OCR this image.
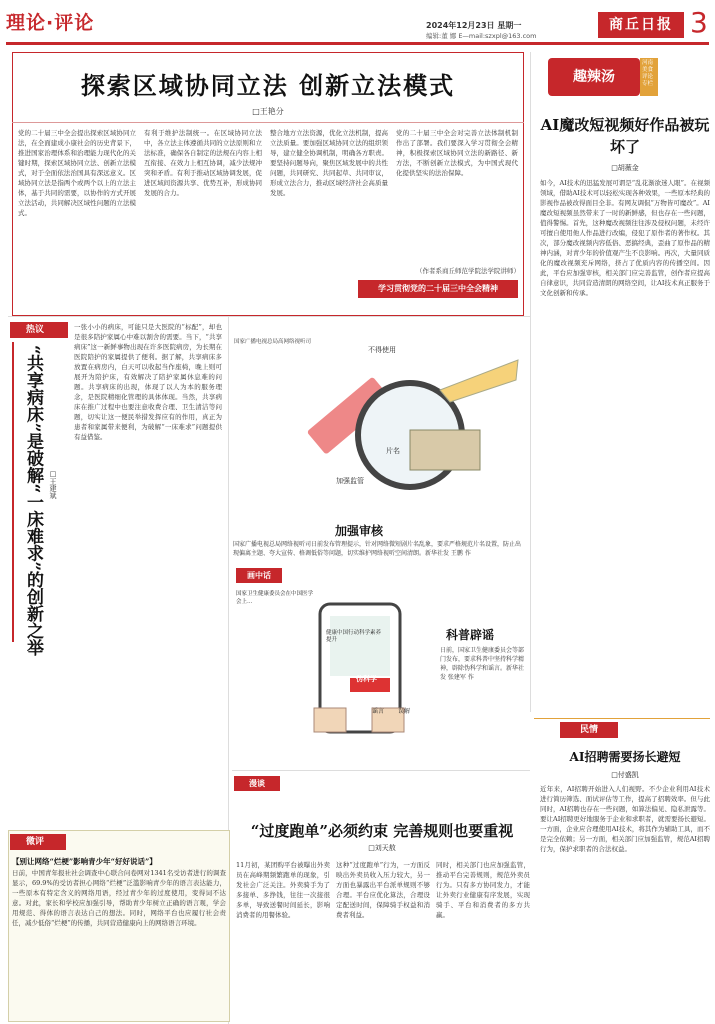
理论·评论	2024年12月23日 星期一
编辑:董 娜 E—mail:szxpl@163.com
商丘日报 3
探索区域协同立法 创新立法模式
□王艳分
党的二十届三中全会提出探索区域协同立法，在全面建成小康社会的历史背景下，推进国家治理体系和治理能力现代化的关键时期，探索区域协同立法、创新立法模式，对于全面依法治国具有深远意义。区域协同立法是指两个或两个以上的立法主体，基于共同的需要，以协作的方式开展立法活动，共同解决区域性问题的立法模式。
有利于维护法制统一。在区域协同立法中，各立法主体遵循共同的立法原则和立法标准，确保各自制定的法规在内容上相互衔接、在效力上相互协调，减少法规冲突和矛盾。有利于推动区域协调发展，促进区域间资源共享、优势互补，形成协同发展的合力。
整合地方立法资源，优化立法机制，提高立法质量。要加强区域协同立法的组织领导，建立健全协调机制，明确各方职责。要坚持问题导向，聚焦区域发展中的共性问题，共同研究、共同起草、共同审议，形成立法合力，推动区域经济社会高质量发展。
党的二十届三中全会对完善立法体制机制作出了部署。我们要深入学习贯彻全会精神，积极探索区域协同立法的新路径、新方法，不断创新立法模式，为中国式现代化提供坚实的法治保障。
（作者系商丘师范学院法学院讲师）
学习贯彻党的二十届三中全会精神
趣辣汤
河南美食评论专栏
AI魔改短视频好作品被玩坏了
□胡薇金
如今，AI技术的迅猛发展可谓是“乱花渐欲迷人眼”。在视频领域，借助AI技术可以轻松实现各种效果，一些原本经典的影视作品被改得面目全非。有网友调侃“万物皆可魔改”。AI魔改短视频虽然带来了一时的新鲜感，但也存在一些问题，值得警惕。首先，这种魔改视频往往涉及侵权问题，未经许可擅自使用他人作品进行改编，侵犯了原作者的著作权。其次，部分魔改视频内容低俗、恶搞经典，歪曲了原作品的精神内涵，对青少年的价值观产生不良影响。再次，大量同质化的魔改视频充斥网络，挤占了优质内容的传播空间。因此，平台应加强审核，相关部门应完善监管，创作者应提高自律意识，共同营造清朗的网络空间，让AI技术真正服务于文化创新和传承。
民情
AI招聘需要扬长避短
□付盛凯
近年来，AI招聘开始进入人们视野。不少企业利用AI技术进行简历筛选、面试评估等工作，提高了招聘效率。但与此同时，AI招聘也存在一些问题，如算法偏见、隐私泄露等。要让AI招聘更好地服务于企业和求职者，就需要扬长避短。一方面，企业应合理使用AI技术，将其作为辅助工具，而不是完全依赖；另一方面，相关部门应加强监管，规范AI招聘行为，保护求职者的合法权益。
热议
“共享病床”是破解“一床难求”的创新之举 □王建斌
一张小小的病床，可能只是大医院的“标配”，却也是很多陪护家属心中难以割舍的需要。当下，“共享病床”这一新鲜事物出现在许多医院病房，为长期在医院陪护的家属提供了便利。据了解，共享病床多放置在病房内，白天可以收起当作座椅，晚上则可展开为陪护床，有效解决了陪护家属休息难的问题。共享病床的出现，体现了以人为本的服务理念，是医院精细化管理的具体体现。当然，共享病床在推广过程中也要注意收费合理、卫生清洁等问题，切实让这一便民举措发挥应有的作用，真正为患者和家属带来便利，为破解“一床难求”问题提供有益借鉴。
国家广播电视总局高网络视听司
不得使用
片名
加强监管
加强审核
国家广播电视总局网络视听司日前发布管理提示，针对网络微短剧片名乱象，要求严格规范片名设置，防止出现偏离主题、夸大宣传、格调低俗等问题，切实维护网络视听空间清朗。新华社发 王鹏 作
画中话
国家卫生健康委员会在中国医学会上…
健康中国行动科学素养提升
伪科学
谣言 误解
科普辟谣
日前，国家卫生健康委员会等部门发布，要求科普中坚持科学精神，辟除伪科学和谣言。新华社发 张建军 作
微评
【别让网络“烂梗”影响青少年“好好说话”】
日前，中国青年报社社会调查中心联合问卷网对1341名受访者进行的调查显示，69.9%的受访者担心网络“烂梗”泛滥影响青少年的语言表达能力，一些原本有特定含义的网络用语，经过青少年的过度使用，变得词不达意。对此，家长和学校应加强引导，帮助青少年树立正确的语言观，学会用规范、得体的语言表达自己的想法。同时，网络平台也应履行社会责任，减少低俗“烂梗”的传播，共同营造健康向上的网络语言环境。
漫谈
“过度跑单”必须约束 完善规则也要重视
□刘天敖
11月初，某团购平台被曝出外卖员在高峰期频繁跑单的现象，引发社会广泛关注。外卖骑手为了多接单、多挣钱，往往一次接很多单，导致送餐时间延长，影响消费者的用餐体验。
这种“过度跑单”行为，一方面反映出外卖员收入压力较大，另一方面也暴露出平台派单规则不够合理。平台应优化算法，合理设定配送时间，保障骑手权益和消费者利益。
同时，相关部门也应加强监管，推动平台完善规则，规范外卖员行为。只有多方协同发力，才能让外卖行业健康有序发展，实现骑手、平台和消费者的多方共赢。
